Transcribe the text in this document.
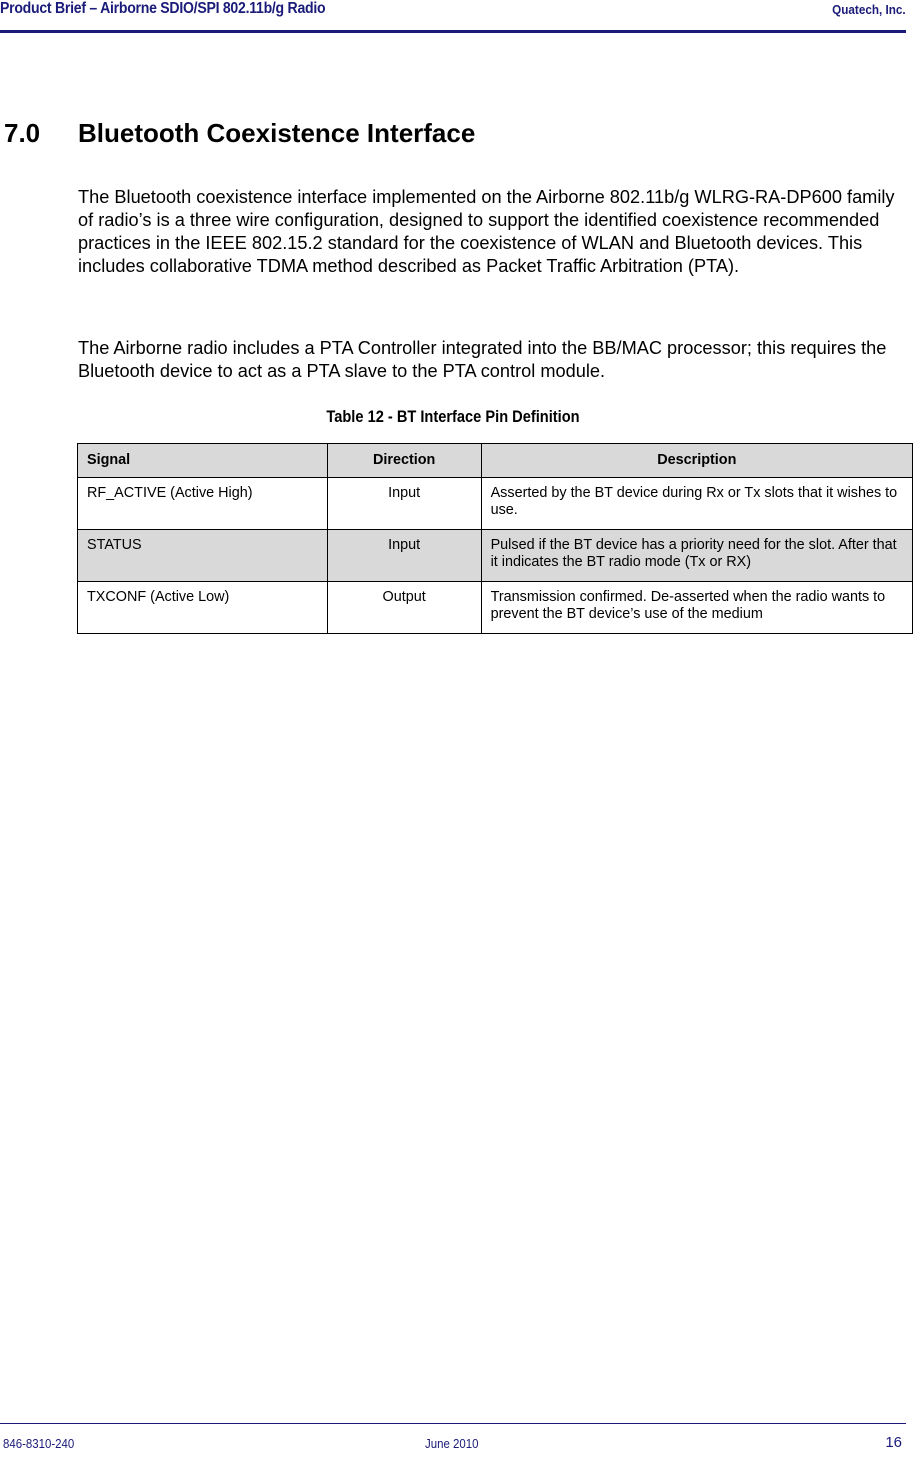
Product Brief – Airborne SDIO/SPI 802.11b/g Radio	Quatech, Inc.
7.0 Bluetooth Coexistence Interface

The Bluetooth coexistence interface implemented on the Airborne 802.11b/g WLRG-RA-DP600 family of radio’s is a three wire configuration, designed to support the identified coexistence recommended practices in the IEEE 802.15.2 standard for the coexistence of WLAN and Bluetooth devices. This includes collaborative TDMA method described as Packet Traffic Arbitration (PTA).

The Airborne radio includes a PTA Controller integrated into the BB/MAC processor; this requires the Bluetooth device to act as a PTA slave to the PTA control module.

Table 12 - BT Interface Pin Definition
Signal	Direction	Description
RF_ACTIVE (Active High)	Input	Asserted by the BT device during Rx or Tx slots that it wishes to use.
STATUS	Input	Pulsed if the BT device has a priority need for the slot. After that it indicates the BT radio mode (Tx or RX)
TXCONF (Active Low)	Output	Transmission confirmed. De-asserted when the radio wants to prevent the BT device’s use of the medium
846-8310-240	June 2010	16
